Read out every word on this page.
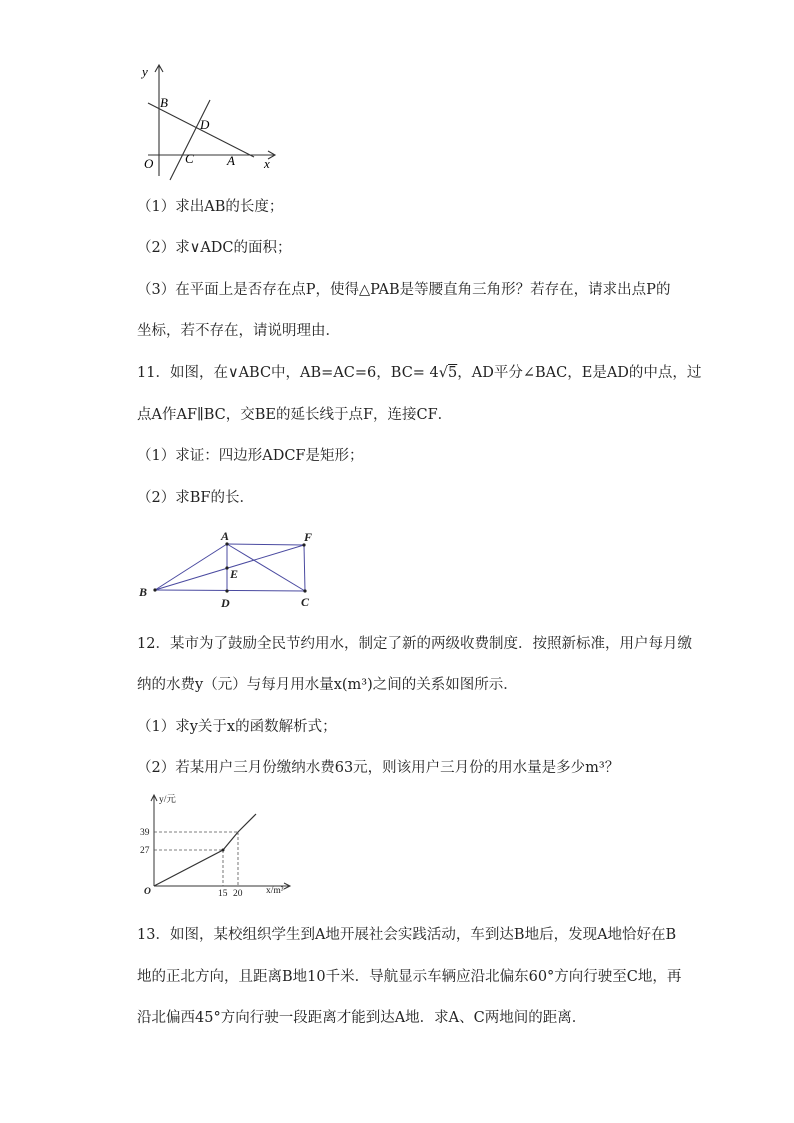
y
B
D
O C	A x
（1）求出AB的长度；
（2）求∨ADC的面积；
（3）在平面上是否存在点P，使得△PAB是等腰直角三角形？若存在，请求出点P的
坐标，若不存在，请说明理由．
11．如图，在∨ABC中，AB=AC=6，BC= 4√5，AD平分∠BAC，E是AD的中点，过
点A作AF∥BC，交BE的延长线于点F，连接CF．
（1）求证：四边形ADCF是矩形；
（2）求BF的长．
A	F
E
B
D	C
12．某市为了鼓励全民节约用水，制定了新的两级收费制度．按照新标准，用户每月缴
纳的水费y（元）与每月用水量x(m³)之间的关系如图所示．
（1）求y关于x的函数解析式；
（2）若某用户三月份缴纳水费63元，则该用户三月份的用水量是多少m³？
y/元
39
27
O	15 20 x/m³
13．如图，某校组织学生到A地开展社会实践活动，车到达B地后，发现A地恰好在B
地的正北方向，且距离B地10千米．导航显示车辆应沿北偏东60°方向行驶至C地，再
沿北偏西45°方向行驶一段距离才能到达A地．求A、C两地间的距离．
